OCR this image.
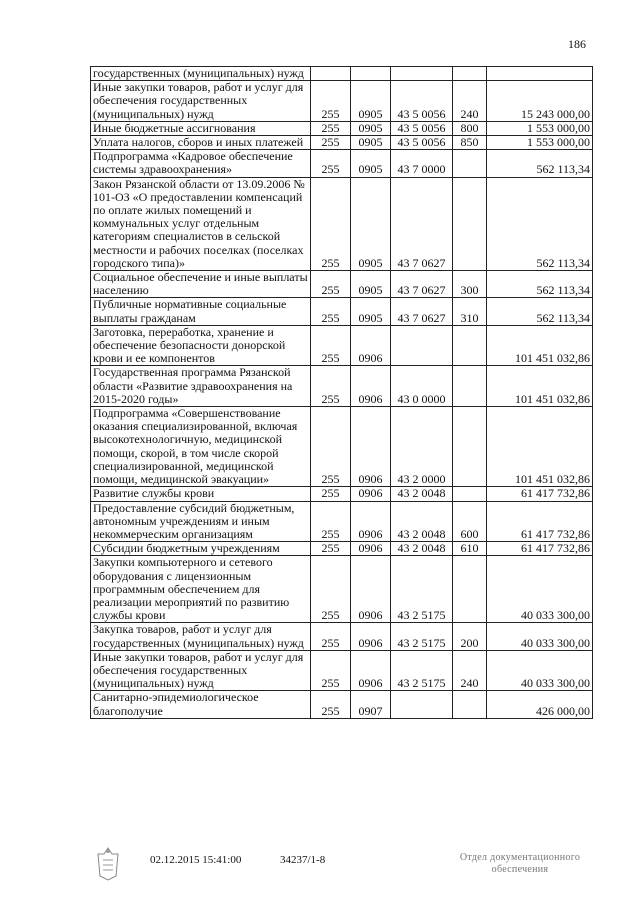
186
государственных (муниципальных) нужд					
Иные закупки товаров, работ и услуг для обеспечения государственных (муниципальных) нужд	255	0905	43 5 0056	240	15 243 000,00
Иные бюджетные ассигнования	255	0905	43 5 0056	800	1 553 000,00
Уплата налогов, сборов и иных платежей	255	0905	43 5 0056	850	1 553 000,00
Подпрограмма «Кадровое обеспечение системы здравоохранения»	255	0905	43 7 0000		562 113,34
Закон Рязанской области от 13.09.2006 № 101-ОЗ «О предоставлении компенсаций по оплате жилых помещений и коммунальных услуг отдельным категориям специалистов в сельской местности и рабочих поселках (поселках городского типа)»	255	0905	43 7 0627		562 113,34
Социальное обеспечение и иные выплаты населению	255	0905	43 7 0627	300	562 113,34
Публичные нормативные социальные выплаты гражданам	255	0905	43 7 0627	310	562 113,34
Заготовка, переработка, хранение и обеспечение безопасности донорской крови и ее компонентов	255	0906			101 451 032,86
Государственная программа Рязанской области «Развитие здравоохранения на 2015-2020 годы»	255	0906	43 0 0000		101 451 032,86
Подпрограмма «Совершенствование оказания специализированной, включая высокотехнологичную, медицинской помощи, скорой, в том числе скорой специализированной, медицинской помощи, медицинской эвакуации»	255	0906	43 2 0000		101 451 032,86
Развитие службы крови	255	0906	43 2 0048		61 417 732,86
Предоставление субсидий бюджетным, автономным учреждениям и иным некоммерческим организациям	255	0906	43 2 0048	600	61 417 732,86
Субсидии бюджетным учреждениям	255	0906	43 2 0048	610	61 417 732,86
Закупки компьютерного и сетевого оборудования с лицензионным программным обеспечением для реализации мероприятий по развитию службы крови	255	0906	43 2 5175		40 033 300,00
Закупка товаров, работ и услуг для государственных (муниципальных) нужд	255	0906	43 2 5175	200	40 033 300,00
Иные закупки товаров, работ и услуг для обеспечения государственных (муниципальных) нужд	255	0906	43 2 5175	240	40 033 300,00
Санитарно-эпидемиологическое благополучие	255	0907			426 000,00
02.12.2015 15:41:00	34237/1-8	Отдел документационного
обеспечения
